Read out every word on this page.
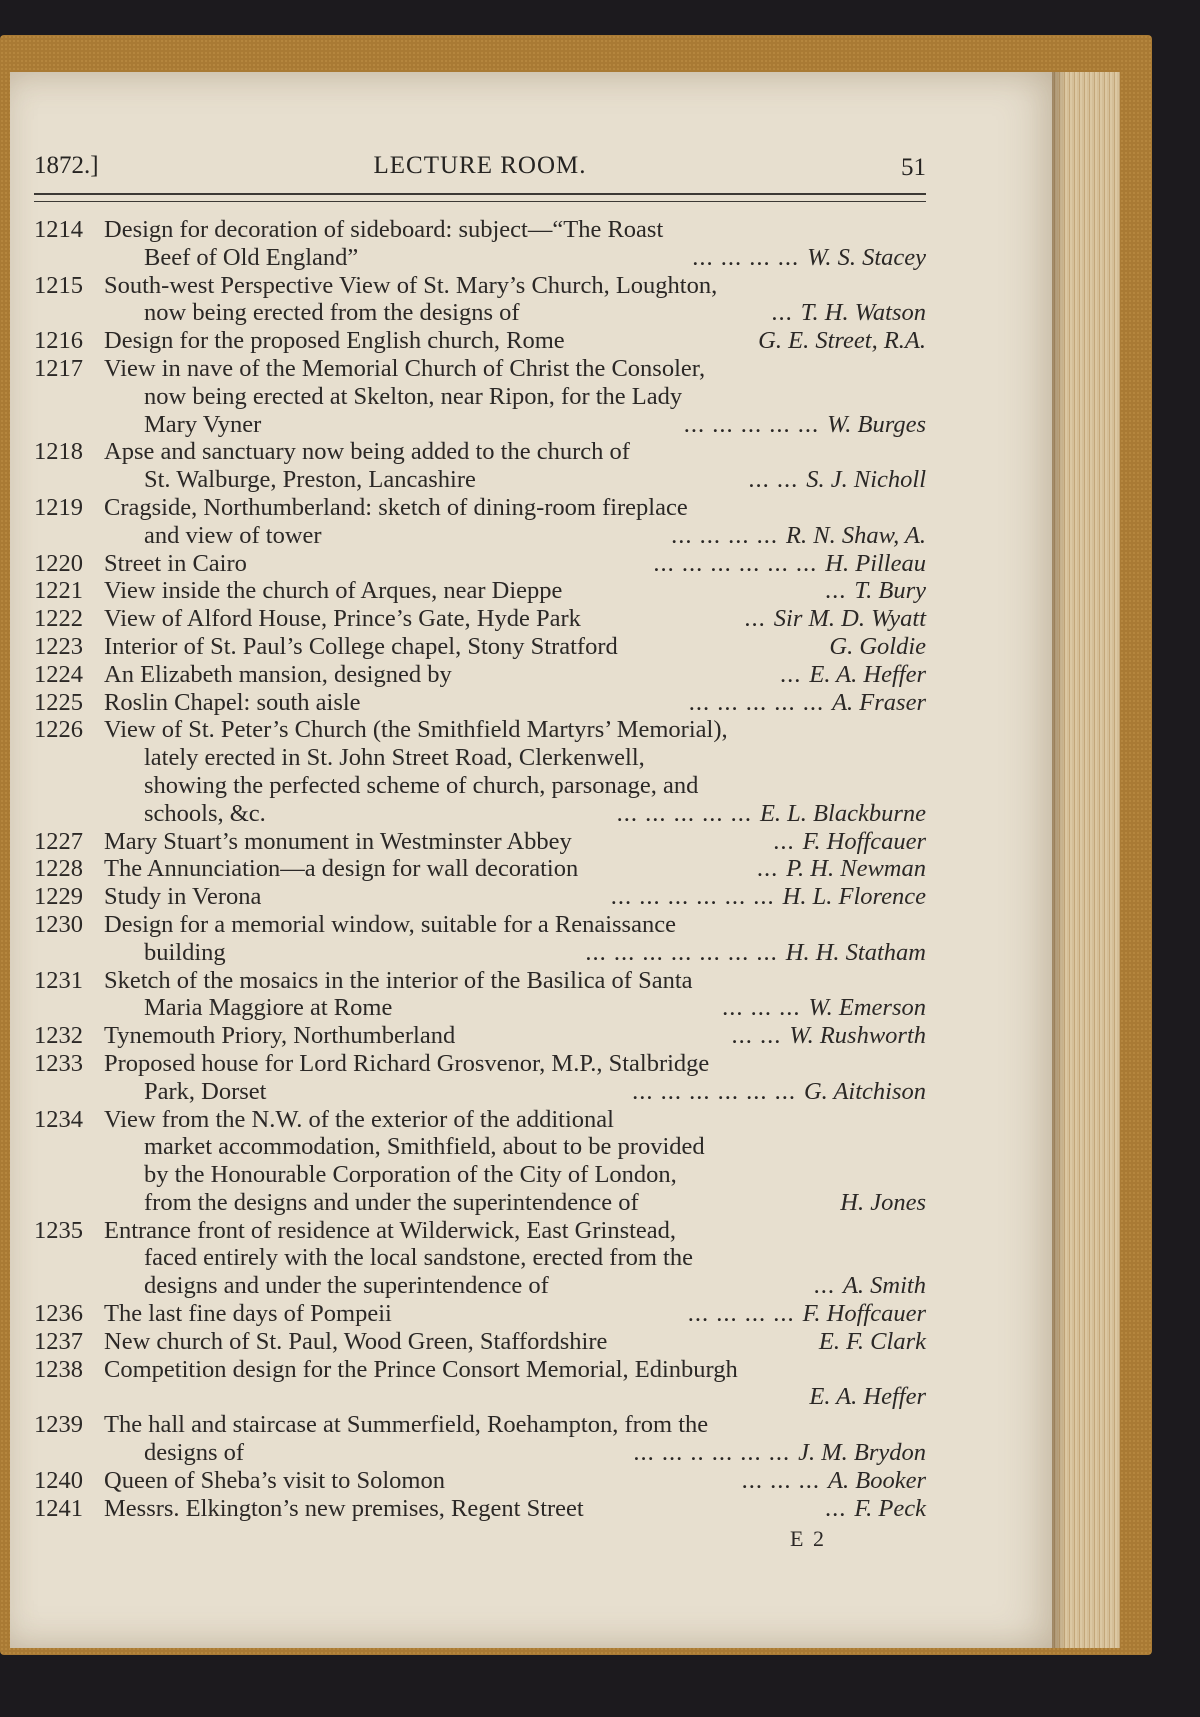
1872.]	LECTURE ROOM.	51
1214 Design for decoration of sideboard: subject—“The Roast
Beef of Old England”	... ... ... ... W. S. Stacey
1215 South-west Perspective View of St. Mary’s Church, Loughton,
now being erected from the designs of	... T. H. Watson
1216 Design for the proposed English church, Rome	G. E. Street, R.A.
1217 View in nave of the Memorial Church of Christ the Consoler,
now being erected at Skelton, near Ripon, for the Lady
Mary Vyner	... ... ... ... ... W. Burges
1218 Apse and sanctuary now being added to the church of
St. Walburge, Preston, Lancashire	... ... S. J. Nicholl
1219 Cragside, Northumberland: sketch of dining-room fireplace
and view of tower	... ... ... ... R. N. Shaw, A.
1220 Street in Cairo	... ... ... ... ... ... H. Pilleau
1221 View inside the church of Arques, near Dieppe	... T. Bury
1222 View of Alford House, Prince’s Gate, Hyde Park	... Sir M. D. Wyatt
1223 Interior of St. Paul’s College chapel, Stony Stratford	G. Goldie
1224 An Elizabeth mansion, designed by	... E. A. Heffer
1225 Roslin Chapel: south aisle	... ... ... ... ... A. Fraser
1226 View of St. Peter’s Church (the Smithfield Martyrs’ Memorial),
lately erected in St. John Street Road, Clerkenwell,
showing the perfected scheme of church, parsonage, and
schools, &c.	... ... ... ... ... E. L. Blackburne
1227 Mary Stuart’s monument in Westminster Abbey	... F. Hoffcauer
1228 The Annunciation—a design for wall decoration	... P. H. Newman
1229 Study in Verona	... ... ... ... ... ... H. L. Florence
1230 Design for a memorial window, suitable for a Renaissance
building	... ... ... ... ... ... ... H. H. Statham
1231 Sketch of the mosaics in the interior of the Basilica of Santa
Maria Maggiore at Rome	... ... ... W. Emerson
1232 Tynemouth Priory, Northumberland	... ... W. Rushworth
1233 Proposed house for Lord Richard Grosvenor, M.P., Stalbridge
Park, Dorset	... ... ... ... ... ... G. Aitchison
1234 View from the N.W. of the exterior of the additional
market accommodation, Smithfield, about to be provided
by the Honourable Corporation of the City of London,
from the designs and under the superintendence of	H. Jones
1235 Entrance front of residence at Wilderwick, East Grinstead,
faced entirely with the local sandstone, erected from the
designs and under the superintendence of	... A. Smith
1236 The last fine days of Pompeii	... ... ... ... F. Hoffcauer
1237 New church of St. Paul, Wood Green, Staffordshire	E. F. Clark
1238 Competition design for the Prince Consort Memorial, Edinburgh
E. A. Heffer
1239 The hall and staircase at Summerfield, Roehampton, from the
designs of	... ... .. ... ... ... J. M. Brydon
1240 Queen of Sheba’s visit to Solomon	... ... ... A. Booker
1241 Messrs. Elkington’s new premises, Regent Street	... F. Peck
E 2
